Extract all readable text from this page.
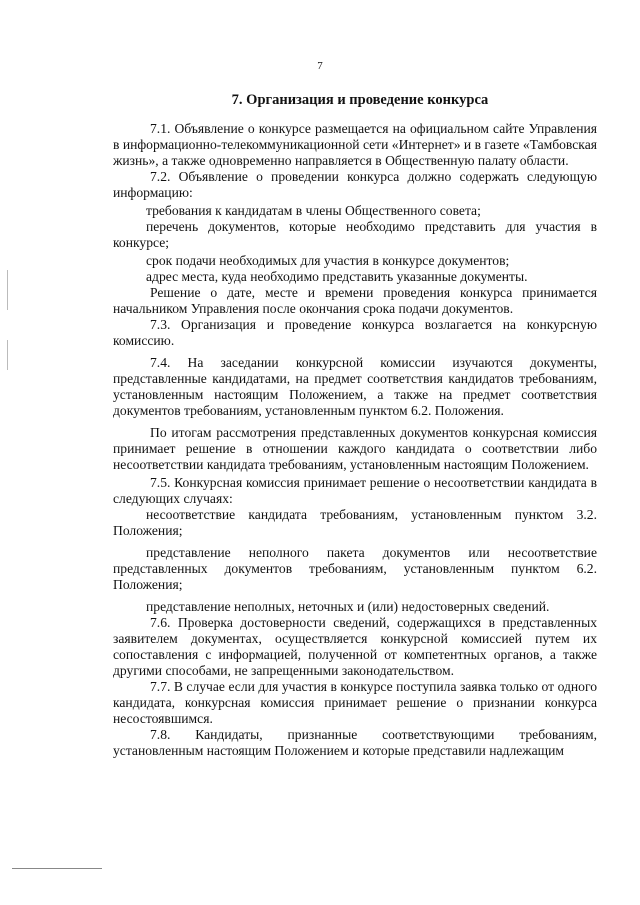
7
7. Организация и проведение конкурса

7.1. Объявление о конкурсе размещается на официальном сайте Управления в информационно-телекоммуникационной сети «Интернет» и в газете «Тамбовская жизнь», а также одновременно направляется в Общественную палату области.

7.2. Объявление о проведении конкурса должно содержать следующую информацию:

требования к кандидатам в члены Общественного совета;

перечень документов, которые необходимо представить для участия в конкурсе;

срок подачи необходимых для участия в конкурсе документов;

адрес места, куда необходимо представить указанные документы.

Решение о дате, месте и времени проведения конкурса принимается начальником Управления после окончания срока подачи документов.

7.3. Организация и проведение конкурса возлагается на конкурсную комиссию.

7.4. На заседании конкурсной комиссии изучаются документы, представленные кандидатами, на предмет соответствия кандидатов требованиям, установленным настоящим Положением, а также на предмет соответствия документов требованиям, установленным пунктом 6.2. Положения.

По итогам рассмотрения представленных документов конкурсная комиссия принимает решение в отношении каждого кандидата о соответствии либо несоответствии кандидата требованиям, установленным настоящим Положением.

7.5. Конкурсная комиссия принимает решение о несоответствии кандидата в следующих случаях:

несоответствие кандидата требованиям, установленным пунктом 3.2. Положения;

представление неполного пакета документов или несоответствие представленных документов требованиям, установленным пунктом 6.2. Положения;

представление неполных, неточных и (или) недостоверных сведений.

7.6. Проверка достоверности сведений, содержащихся в представленных заявителем документах, осуществляется конкурсной комиссией путем их сопоставления с информацией, полученной от компетентных органов, а также другими способами, не запрещенными законодательством.

7.7. В случае если для участия в конкурсе поступила заявка только от одного кандидата, конкурсная комиссия принимает решение о признании конкурса несостоявшимся.

7.8. Кандидаты, признанные соответствующими требованиям, установленным настоящим Положением и которые представили надлежащим
